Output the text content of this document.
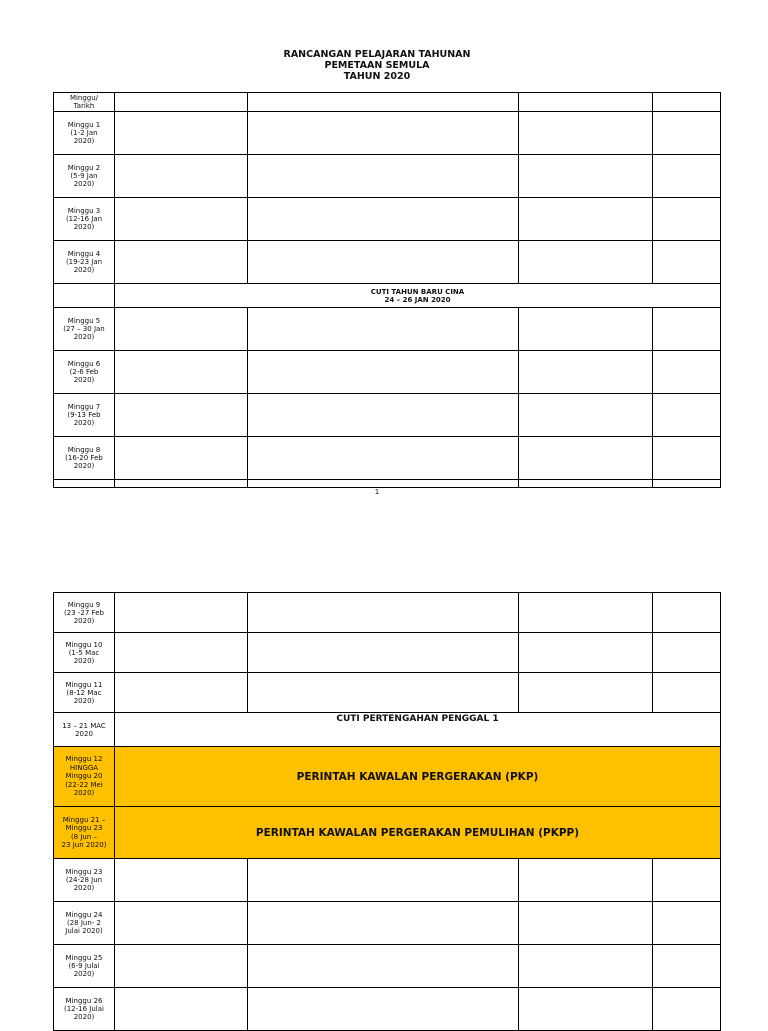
RANCANGAN PELAJARAN TAHUNAN
PEMETAAN SEMULA
TAHUN 2020
Minggu/
Tarikh				

Minggu 1
(1-2 Jan
2020)				

Minggu 2
(5-9 Jan
2020)				

Minggu 3
(12-16 Jan
2020)				

Minggu 4
(19-23 Jan
2020)				

	CUTI TAHUN BARU CINA
24 – 26 JAN 2020			

Minggu 5
(27 – 30 Jan
2020)				

Minggu 6
(2-6 Feb
2020)				

Minggu 7
(9-13 Feb
2020)				

Minggu 8
(16-20 Feb
2020)				

1
Minggu 9
(23 -27 Feb
2020)				

Minggu 10
(1-5 Mac
2020)				

Minggu 11
(8-12 Mac
2020)				

13 – 21 MAC
2020	CUTI PERTENGAHAN PENGGAL 1			

Minggu 12
HINGGA
Minggu 20
(22-22 Mei
2020)	PERINTAH KAWALAN PERGERAKAN (PKP)			

Minggu 21 –
Minggu 23
(8 Jun –
23 Jun 2020)	PERINTAH KAWALAN PERGERAKAN PEMULIHAN (PKPP)			

Minggu 23
(24-28 Jun
2020)				

Minggu 24
(28 Jun- 2
Julai 2020)				

Minggu 25
(6-9 Julai
2020)				

Minggu 26
(12-16 Julai
2020)				
